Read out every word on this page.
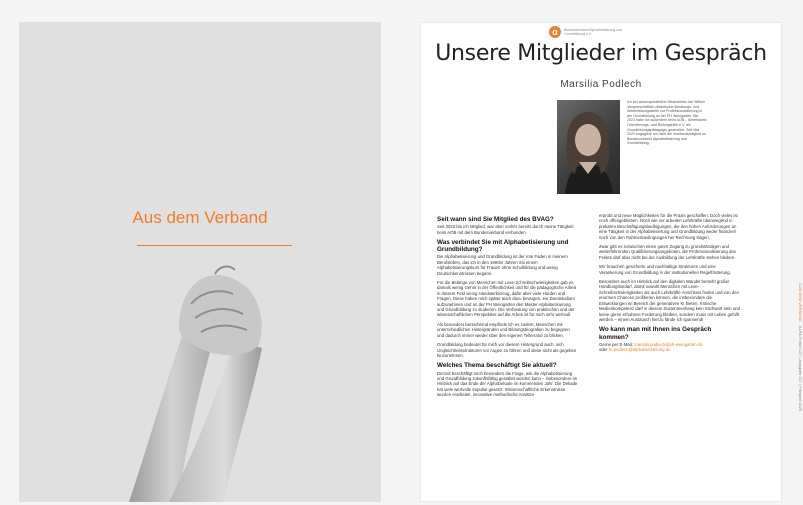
Aus dem Verband
α	Bundesverband Alphabetisierung und Grundbildung e.V.
Unsere Mitglieder im Gespräch
Marsilia Podlech
Ich bin wissenschaftliche Mitarbeiterin bei Willem Verspreschaftlich-didaktische Beratungs- und Weiterbildungsstelle zur Professionalisierung in der Grundbildung an der PH Weingarten. Bis 2023 habe ich außerdem beim AOB – Arbeitskreis Orientierungs- und Bildungshilfe e.V. als Grundbildungspädagogin gearbeitet. Seit Mai 2022 engagiere ich mich als Vorstandsmitglied im Bundesverband Alphabetisierung und Grundbildung.
AUS DEM VERBAND    ALFA-Forum 107 | Ausgabe 107 | Frühjahr 2025
Seit wann sind Sie Mitglied des BVAG?

Seit 2022 bin ich Mitglied, war aber vorher bereits durch meine Tätigkeit beim AOB mit dem Bundesverband verbunden.

Was verbindet Sie mit Alphabetisierung und Grundbildung?

Die Alphabetisierung und Grundbildung ist der rote Faden in meinem Berufsleben, das ich in den 1990er Jahren mit einem Alphabetisierungskurs für Frauen ohne Schulbildung und wenig Deutschkenntnissen begann.

Für die Belange von Menschen mit Lese-Schreibschwierigkeiten gab es damals wenig Gehör in der Öffentlichkeit und für die pädagogische Arbeit in diesem Feld wenig Handwerkszeug, dafür aber viele Hürden und Fragen. Diese haben mich später auch dazu bewogen, ein Zweitstudium aufzunehmen und an der PH Weingarten den Master Alphabetisierung und Grundbildung zu studieren. Die Verbindung von praktischen und der wissenschaftlichen Perspektive auf die Arbeit ist für mich sehr wertvoll.

Als besonders bereichernd empfinde ich es zudem, Menschen mit unterschiedlichen Hintergründen und Bildungsbiografien zu begegnen und dadurch immer wieder über den eigenen Tellerrand zu blicken.

Grundbildung bedeutet für mich vor diesem Hintergrund auch, sich Ungleichheitsstrukturen vor Augen zu führen und diese nicht als gegeben hinzunehmen.

Welches Thema beschäftigt Sie aktuell?

Derzeit beschäftigt mich besonders die Frage, wie die Alphabetisierung und Grundbildung zukunftsfähig gestaltet werden kann – insbesondere im Hinblick auf das Ende der AlphaDekade im kommenden Jahr. Die Dekade hat viele wertvolle Impulse gesetzt: Wissenschaftliche Erkenntnisse wurden erarbeitet, innovative methodische Ansätze

erprobt und neue Möglichkeiten für die Praxis geschaffen. Doch vieles ist noch offengeblieben. Noch wie vor arbeiten Lehrkräfte überwiegend in prekären Beschäftigungsbedingungen, die den hohen Anforderungen an eine Tätigkeit in der Alphabetisierung und Grundbildung weder finanziell noch von den Rahmenbedingungen her Rechnung tragen.

Zwar gibt es inzwischen einen guten Zugang zu grundständigen und weiterführenden Qualifizierungsangeboten, die Professionalisierung des Feldes darf aber nicht bei der Ausbildung der Lehrkräfte stehen bleiben.

Wir brauchen gesicherte und nachhaltige Strukturen und eine Verankerung von Grundbildung in der institutionellen Regelförderung.

Besonders auch im Hinblick auf den digitalen Wandel besteht großer Handlungsbedarf, damit sowohl Menschen mit Lese-Schreibschwierigkeiten als auch Lehrkräfte Anschluss finden und von den enormen Chancen profitieren können, die insbesondere die Entwicklungen im Bereich der generativen KI bieten. Kritische Medienkompetenz darf in diesem Zusammenhang kein Stichwort sein und keine gerne erhobene Forderung bleiben, sondern muss mit Leben gefüllt werden – einem Austausch hierzu fände ich spannend!

Wo kann man mit Ihnen ins Gespräch kommen?

Gerne per E-Mail: marsilia.podlech@ph-weingarten.de
oder m.podlech@alphabetisierung.de
